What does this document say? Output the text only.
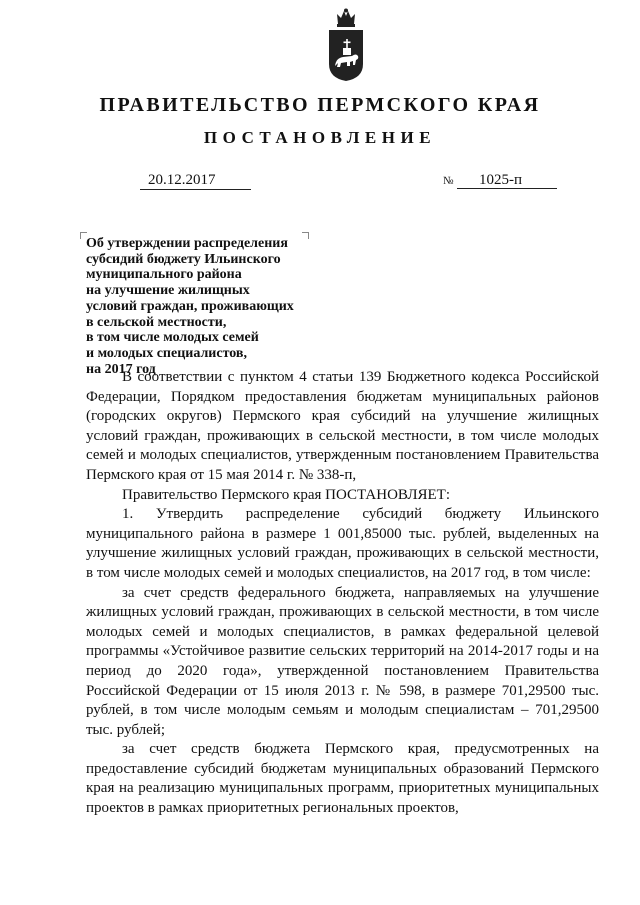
ПРАВИТЕЛЬСТВО ПЕРМСКОГО КРАЯ
ПОСТАНОВЛЕНИЕ
20.12.2017	№	1025-п
Об утверждении распределения
субсидий бюджету Ильинского
муниципального района
на улучшение жилищных
условий граждан, проживающих
в сельской местности,
в том числе молодых семей
и молодых специалистов,
на 2017 год

В соответствии с пунктом 4 статьи 139 Бюджетного кодекса Российской Федерации, Порядком предоставления бюджетам муниципальных районов (городских округов) Пермского края субсидий на улучшение жилищных условий граждан, проживающих в сельской местности, в том числе молодых семей и молодых специалистов, утвержденным постановлением Правительства Пермского края от 15 мая 2014 г. № 338-п,

Правительство Пермского края ПОСТАНОВЛЯЕТ:

1. Утвердить распределение субсидий бюджету Ильинского муниципального района в размере 1 001,85000 тыс. рублей, выделенных на улучшение жилищных условий граждан, проживающих в сельской местности, в том числе молодых семей и молодых специалистов, на 2017 год, в том числе:

за счет средств федерального бюджета, направляемых на улучшение жилищных условий граждан, проживающих в сельской местности, в том числе молодых семей и молодых специалистов, в рамках федеральной целевой программы «Устойчивое развитие сельских территорий на 2014-2017 годы и на период до 2020 года», утвержденной постановлением Правительства Российской Федерации от 15 июля 2013 г. № 598, в размере 701,29500 тыс. рублей, в том числе молодым семьям и молодым специалистам – 701,29500 тыс. рублей;

за счет средств бюджета Пермского края, предусмотренных на предоставление субсидий бюджетам муниципальных образований Пермского края на реализацию муниципальных программ, приоритетных муниципальных проектов в рамках приоритетных региональных проектов,
